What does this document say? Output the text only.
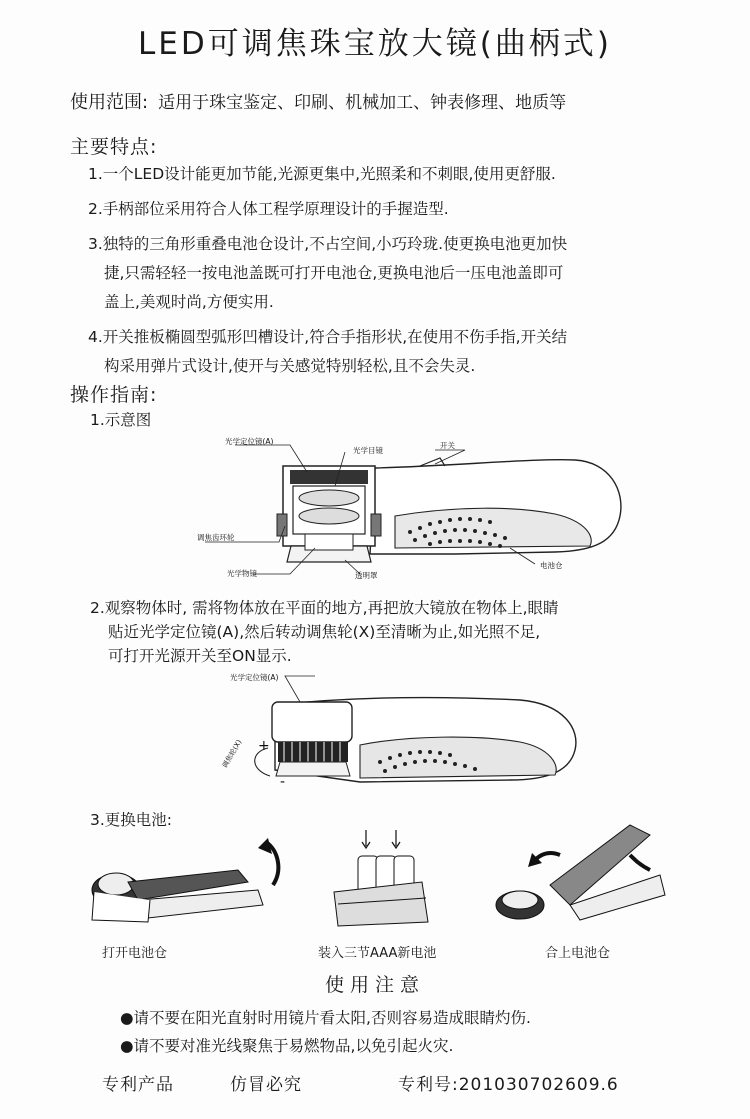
LED可调焦珠宝放大镜(曲柄式)
使用范围: 适用于珠宝鉴定、印刷、机械加工、钟表修理、地质等
主要特点:
1.一个LED设计能更加节能,光源更集中,光照柔和不刺眼,使用更舒服.
2.手柄部位采用符合人体工程学原理设计的手握造型.
3.独特的三角形重叠电池仓设计,不占空间,小巧玲珑.使更换电池更加快
捷,只需轻轻一按电池盖既可打开电池仓,更换电池后一压电池盖即可
盖上,美观时尚,方便实用.
4.开关推板椭圆型弧形凹槽设计,符合手指形状,在使用不伤手指,开关结
构采用弹片式设计,使开与关感觉特别轻松,且不会失灵.
操作指南:
1.示意图
光学定位镜(A)
光学目镜
开关
调焦齿环轮
光学物镜	透明罩
电池仓
2.观察物体时, 需将物体放在平面的地方,再把放大镜放在物体上,眼睛
贴近光学定位镜(A),然后转动调焦轮(X)至清晰为止,如光照不足,
可打开光源开关至ON显示.
光学定位镜(A)
调焦轮(X) +
-
3.更换电池:
打开电池仓	装入三节AAA新电池	合上电池仓
使用注意
●请不要在阳光直射时用镜片看太阳,否则容易造成眼睛灼伤.
●请不要对准光线聚焦于易燃物品,以免引起火灾.
专利产品	仿冒必究	专利号:201030702609.6
